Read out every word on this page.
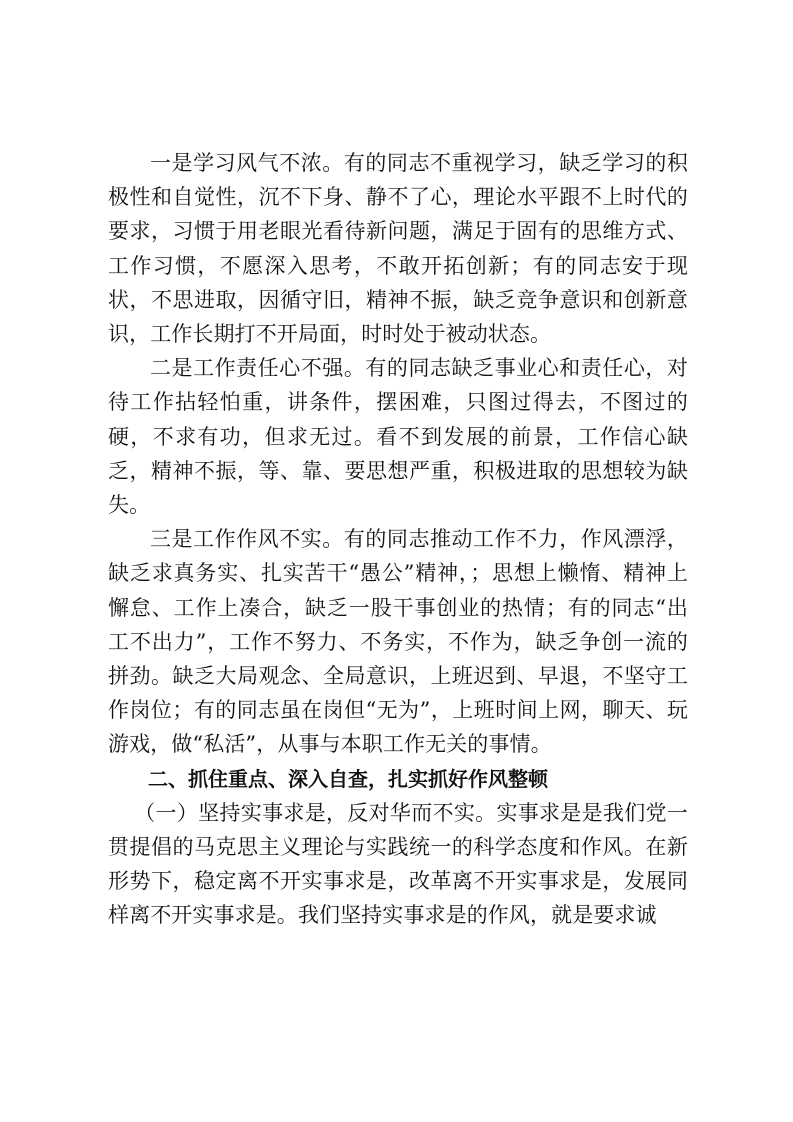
一是学习风气不浓。有的同志不重视学习，缺乏学习的积极性和自觉性，沉不下身、静不了心，理论水平跟不上时代的要求，习惯于用老眼光看待新问题，满足于固有的思维方式、工作习惯，不愿深入思考，不敢开拓创新；有的同志安于现状，不思进取，因循守旧，精神不振，缺乏竞争意识和创新意识，工作长期打不开局面，时时处于被动状态。

二是工作责任心不强。有的同志缺乏事业心和责任心，对待工作拈轻怕重，讲条件，摆困难，只图过得去，不图过的硬，不求有功，但求无过。看不到发展的前景，工作信心缺乏，精神不振，等、靠、要思想严重，积极进取的思想较为缺失。

三是工作作风不实。有的同志推动工作不力，作风漂浮，缺乏求真务实、扎实苦干“愚公”精神，；思想上懒惰、精神上懈怠、工作上凑合，缺乏一股干事创业的热情；有的同志“出工不出力”，工作不努力、不务实，不作为，缺乏争创一流的拼劲。缺乏大局观念、全局意识，上班迟到、早退，不坚守工作岗位；有的同志虽在岗但“无为”，上班时间上网，聊天、玩游戏，做“私活”，从事与本职工作无关的事情。

二、抓住重点、深入自查，扎实抓好作风整顿

（一）坚持实事求是，反对华而不实。实事求是是我们党一贯提倡的马克思主义理论与实践统一的科学态度和作风。在新形势下，稳定离不开实事求是，改革离不开实事求是，发展同样离不开实事求是。我们坚持实事求是的作风，就是要求诚
